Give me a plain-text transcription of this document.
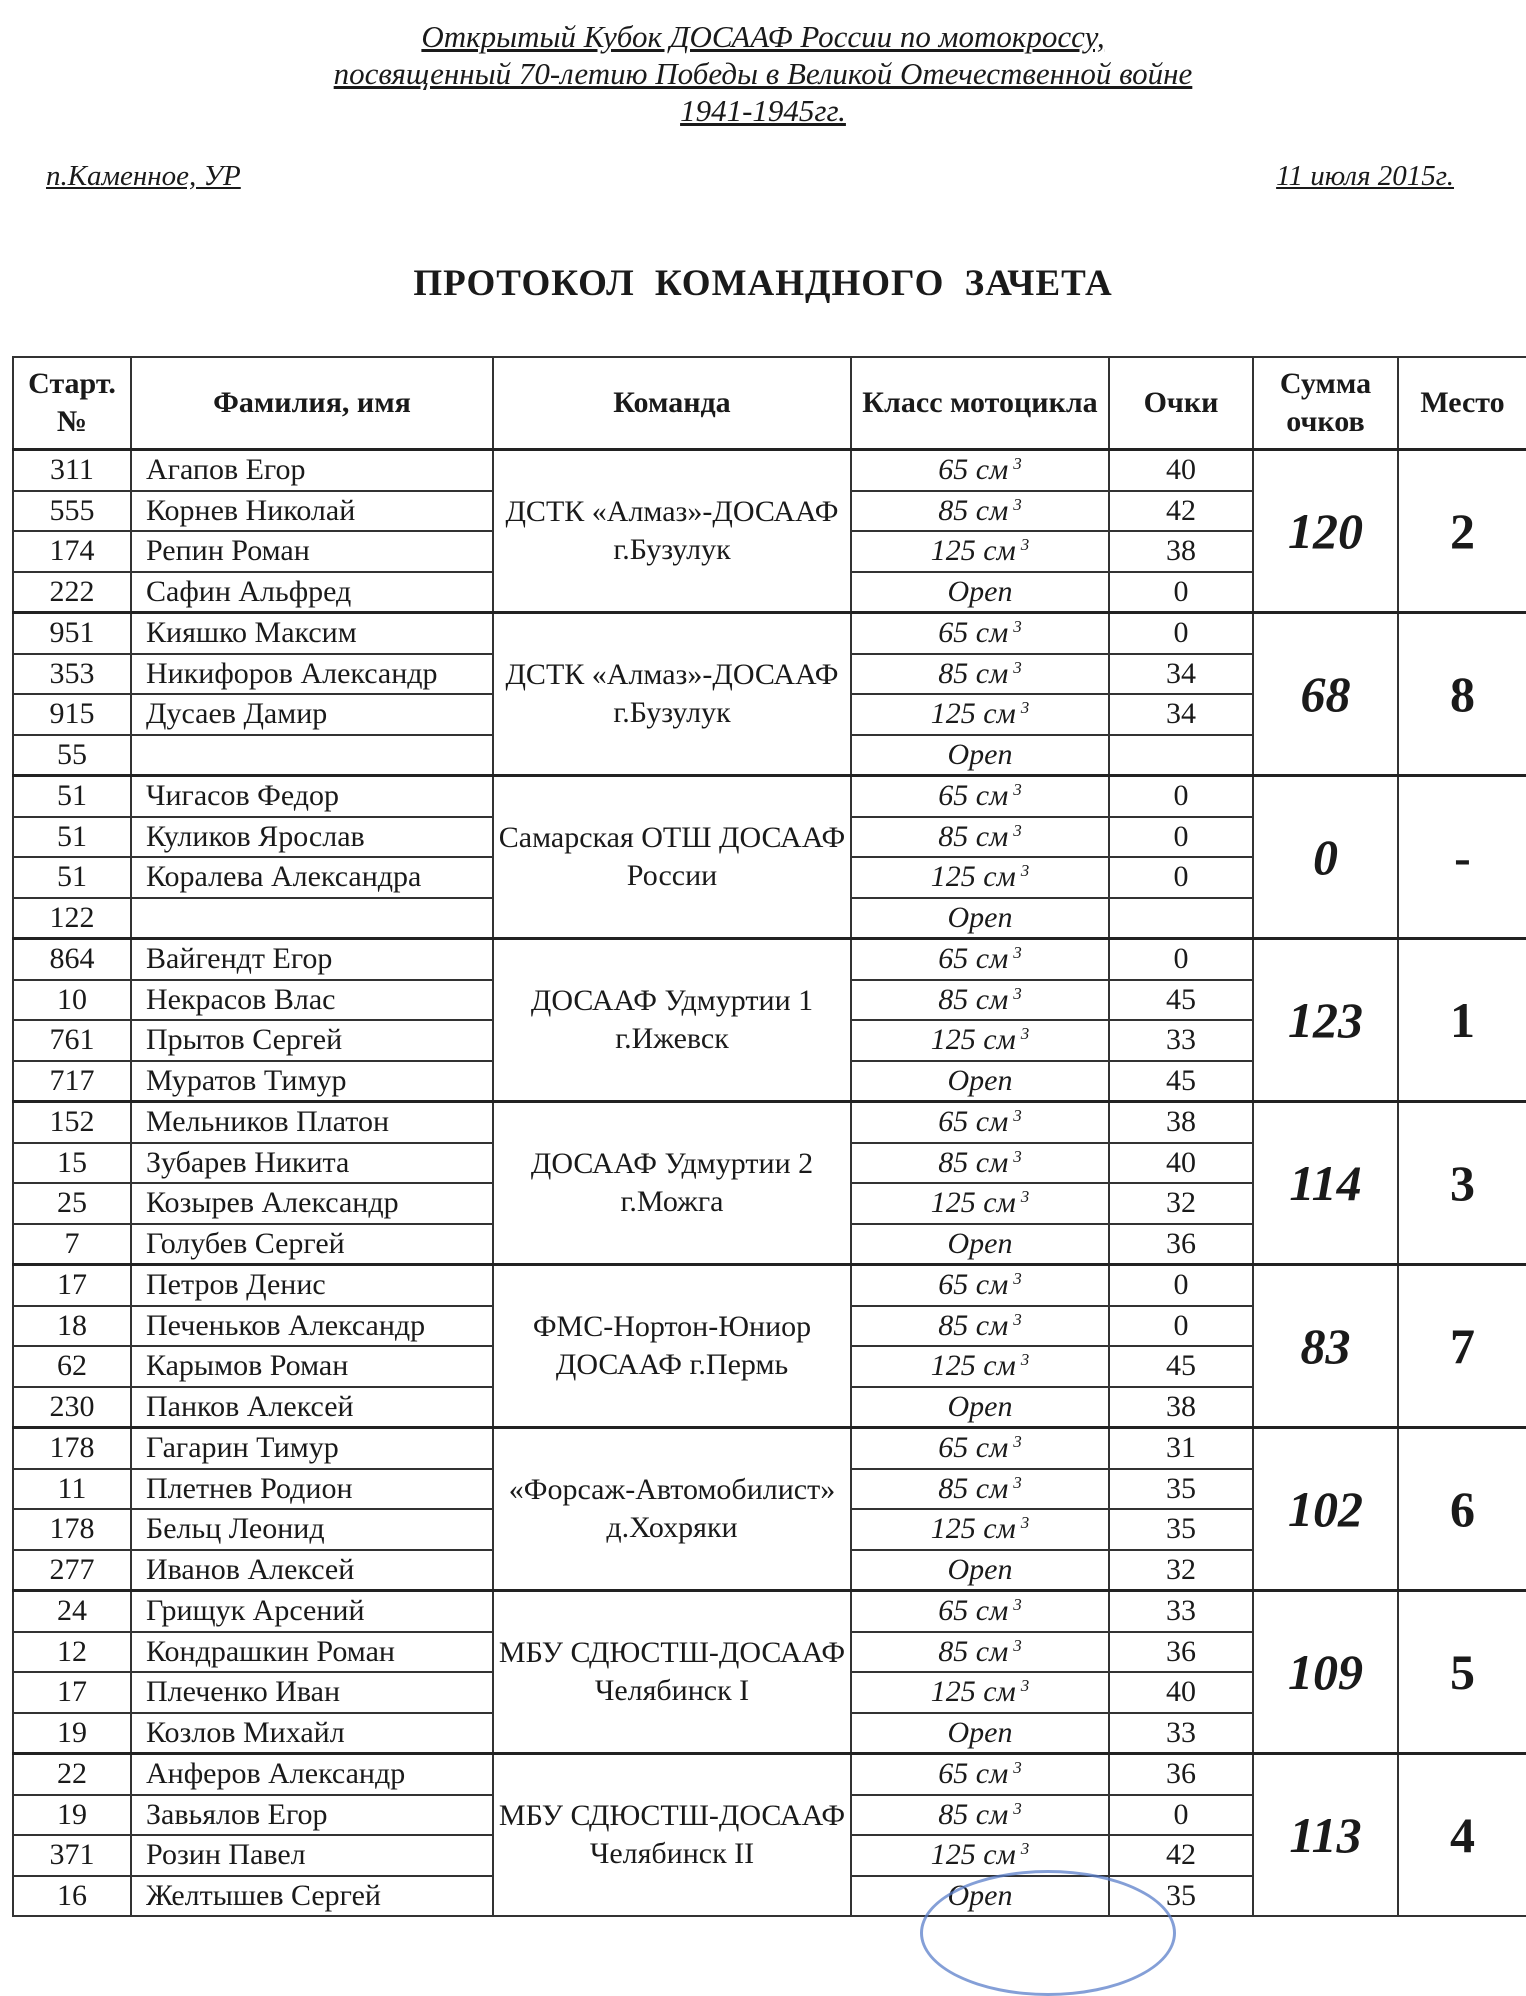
Открытый Кубок ДОСААФ России по мотокроссу,
посвященный 70-летию Победы в Великой Отечественной войне
1941-1945гг.
п.Каменное, УР	11 июля 2015г.
ПРОТОКОЛ КОМАНДНОГО ЗАЧЕТА
Старт. №	Фамилия, имя	Команда	Класс мотоцикла	Очки	Сумма очков	Место
311	Агапов Егор	ДСТК «Алмаз»-ДОСААФ г.Бузулук	65 см $^3$	40	120	2
555	Корнев Николай		85 см $^3$	42		
174	Репин Роман		125 см $^3$	38		
222	Сафин Альфред		Open	0		
951	Кияшко Максим	ДСТК «Алмаз»-ДОСААФ г.Бузулук	65 см $^3$	0	68	8
353	Никифоров Александр		85 см $^3$	34		
915	Дусаев Дамир		125 см $^3$	34		
55			Open			
51	Чигасов Федор	Самарская ОТШ ДОСААФ России	65 см $^3$	0	0	-
51	Куликов Ярослав		85 см $^3$	0		
51	Коралева Александра		125 см $^3$	0		
122			Open			
864	Вайгендт Егор	ДОСААФ Удмуртии 1 г.Ижевск	65 см $^3$	0	123	1
10	Некрасов Влас		85 см $^3$	45		
761	Прытов Сергей		125 см $^3$	33		
717	Муратов Тимур		Open	45		
152	Мельников Платон	ДОСААФ Удмуртии 2 г.Можга	65 см $^3$	38	114	3
15	Зубарев Никита		85 см $^3$	40		
25	Козырев Александр		125 см $^3$	32		
7	Голубев Сергей		Open	36		
17	Петров Денис	ФМС-Нортон-Юниор ДОСААФ г.Пермь	65 см $^3$	0	83	7
18	Печеньков Александр		85 см $^3$	0		
62	Карымов Роман		125 см $^3$	45		
230	Панков Алексей		Open	38		
178	Гагарин Тимур	«Форсаж-Автомобилист» д.Хохряки	65 см $^3$	31	102	6
11	Плетнев Родион		85 см $^3$	35		
178	Бельц Леонид		125 см $^3$	35		
277	Иванов Алексей		Open	32		
24	Грищук Арсений	МБУ СДЮСТШ-ДОСААФ Челябинск I	65 см $^3$	33	109	5
12	Кондрашкин Роман		85 см $^3$	36		
17	Плеченко Иван		125 см $^3$	40		
19	Козлов Михайл		Open	33		
22	Анферов Александр	МБУ СДЮСТШ-ДОСААФ Челябинск II	65 см $^3$	36	113	4
19	Завьялов Егор		85 см $^3$	0		
371	Розин Павел		125 см $^3$	42		
16	Желтышев Сергей		Open	35		
